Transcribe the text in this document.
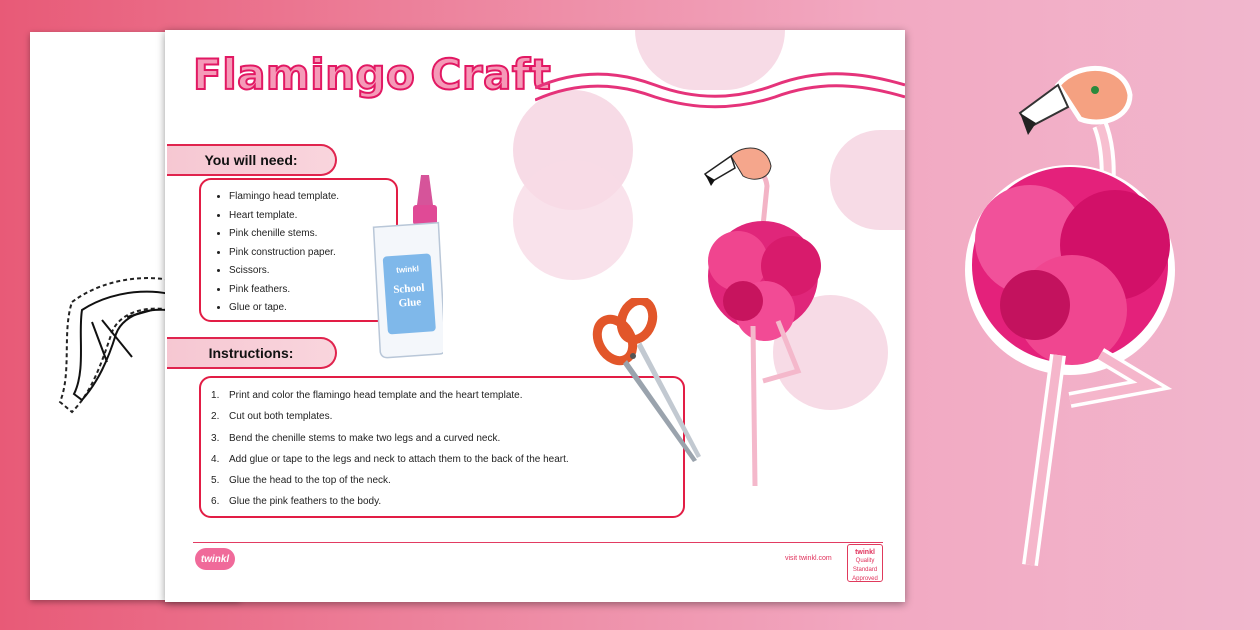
Flamingo Craft
You will need:
• Flamingo head template.
• Heart template.
• Pink chenille stems.
• Pink construction paper.
• Scissors.
• Pink feathers.
• Glue or tape.
twinkl
School
Glue
Instructions:
Print and color the flamingo head template and the heart template.
Cut out both templates.
Bend the chenille stems to make two legs and a curved neck.
Add glue or tape to the legs and neck to attach them to the back of the heart.
Glue the head to the top of the neck.
Glue the pink feathers to the body.
twinkl	visit twinkl.com
twinkl
Quality Standard Approved
